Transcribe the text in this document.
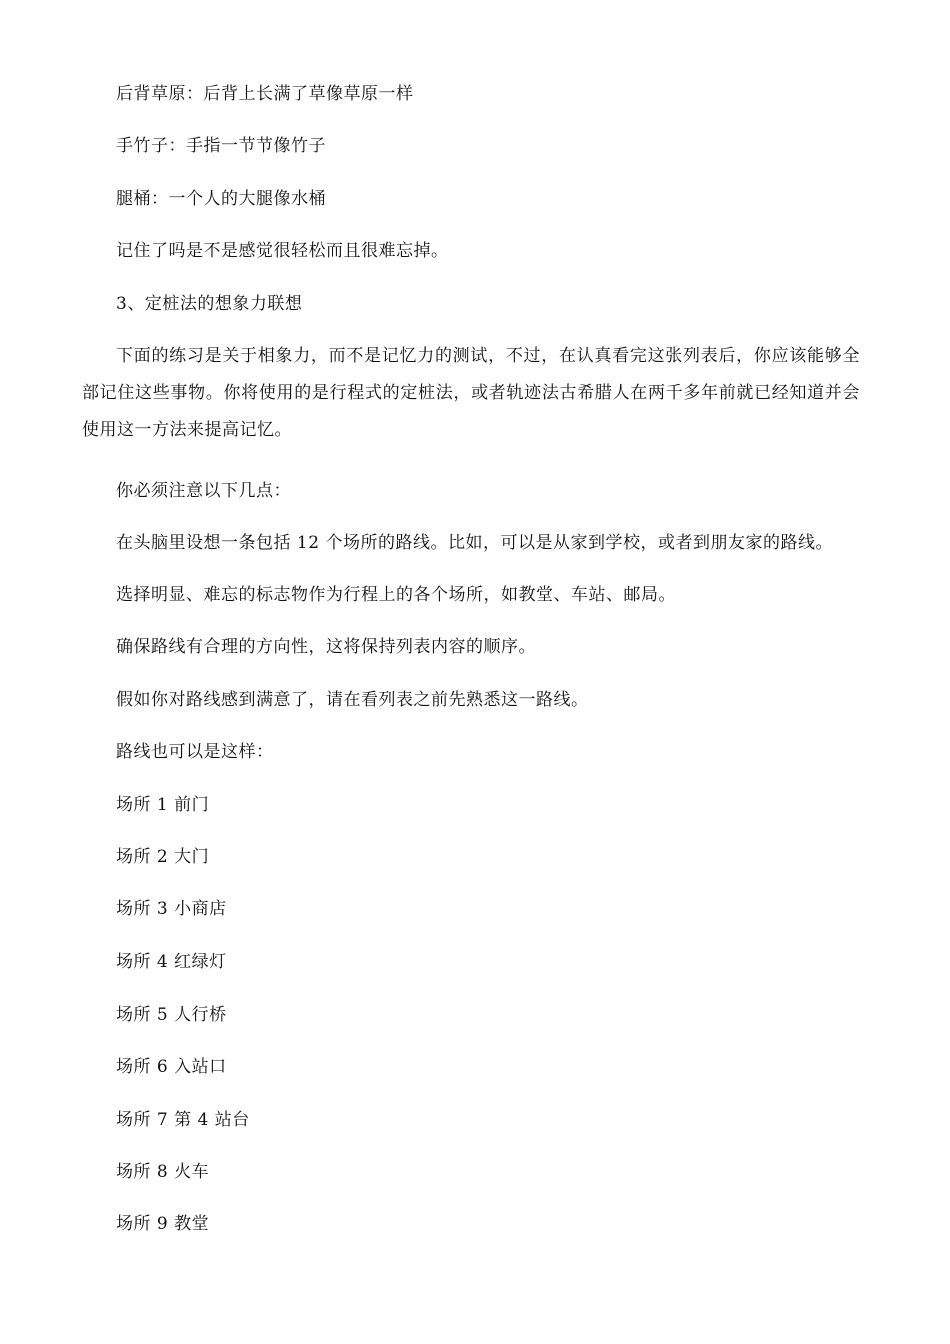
后背草原：后背上长满了草像草原一样
手竹子：手指一节节像竹子
腿桶：一个人的大腿像水桶
记住了吗是不是感觉很轻松而且很难忘掉。
3、定桩法的想象力联想
下面的练习是关于相象力，而不是记忆力的测试，不过，在认真看完这张列表后，你应该能够全部记住这些事物。你将使用的是行程式的定桩法，或者轨迹法古希腊人在两千多年前就已经知道并会使用这一方法来提高记忆。
你必须注意以下几点：
在头脑里设想一条包括 12 个场所的路线。比如，可以是从家到学校，或者到朋友家的路线。
选择明显、难忘的标志物作为行程上的各个场所，如教堂、车站、邮局。
确保路线有合理的方向性，这将保持列表内容的顺序。
假如你对路线感到满意了，请在看列表之前先熟悉这一路线。
路线也可以是这样：
场所 1 前门
场所 2 大门
场所 3 小商店
场所 4 红绿灯
场所 5 人行桥
场所 6 入站口
场所 7 第 4 站台
场所 8 火车
场所 9 教堂
